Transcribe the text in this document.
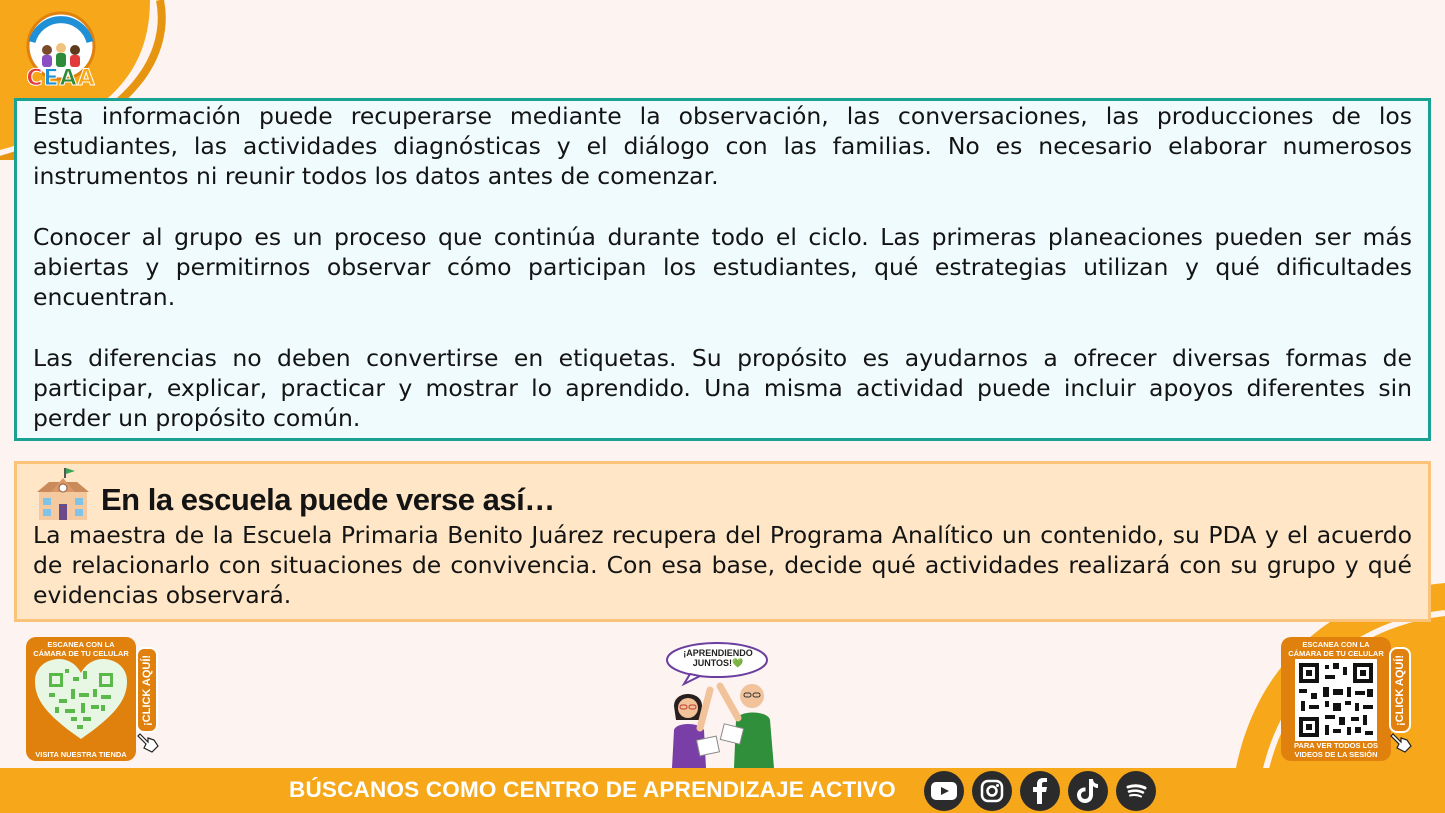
CEAA

Esta información puede recuperarse mediante la observación, las conversaciones, las producciones de los estudiantes, las actividades diagnósticas y el diálogo con las familias. No es necesario elaborar numerosos instrumentos ni reunir todos los datos antes de comenzar.

Conocer al grupo es un proceso que continúa durante todo el ciclo. Las primeras planeaciones pueden ser más abiertas y permitirnos observar cómo participan los estudiantes, qué estrategias utilizan y qué dificultades encuentran.

Las diferencias no deben convertirse en etiquetas. Su propósito es ayudarnos a ofrecer diversas formas de participar, explicar, practicar y mostrar lo aprendido. Una misma actividad puede incluir apoyos diferentes sin perder un propósito común.

En la escuela puede verse así…

La maestra de la Escuela Primaria Benito Juárez recupera del Programa Analítico un contenido, su PDA y el acuerdo de relacionarlo con situaciones de convivencia. Con esa base, decide qué actividades realizará con su grupo y qué evidencias observará.

ESCANEA CON LA CÁMARA DE TU CELULAR
VISITA NUESTRA TIENDA
¡CLICK AQUÍ!
¡APRENDIENDO JUNTOS!💚
ESCANEA CON LA CÁMARA DE TU CELULAR
PARA VER TODOS LOS VIDEOS DE LA SESIÓN
¡CLICK AQUÍ!
BÚSCANOS COMO CENTRO DE APRENDIZAJE ACTIVO
